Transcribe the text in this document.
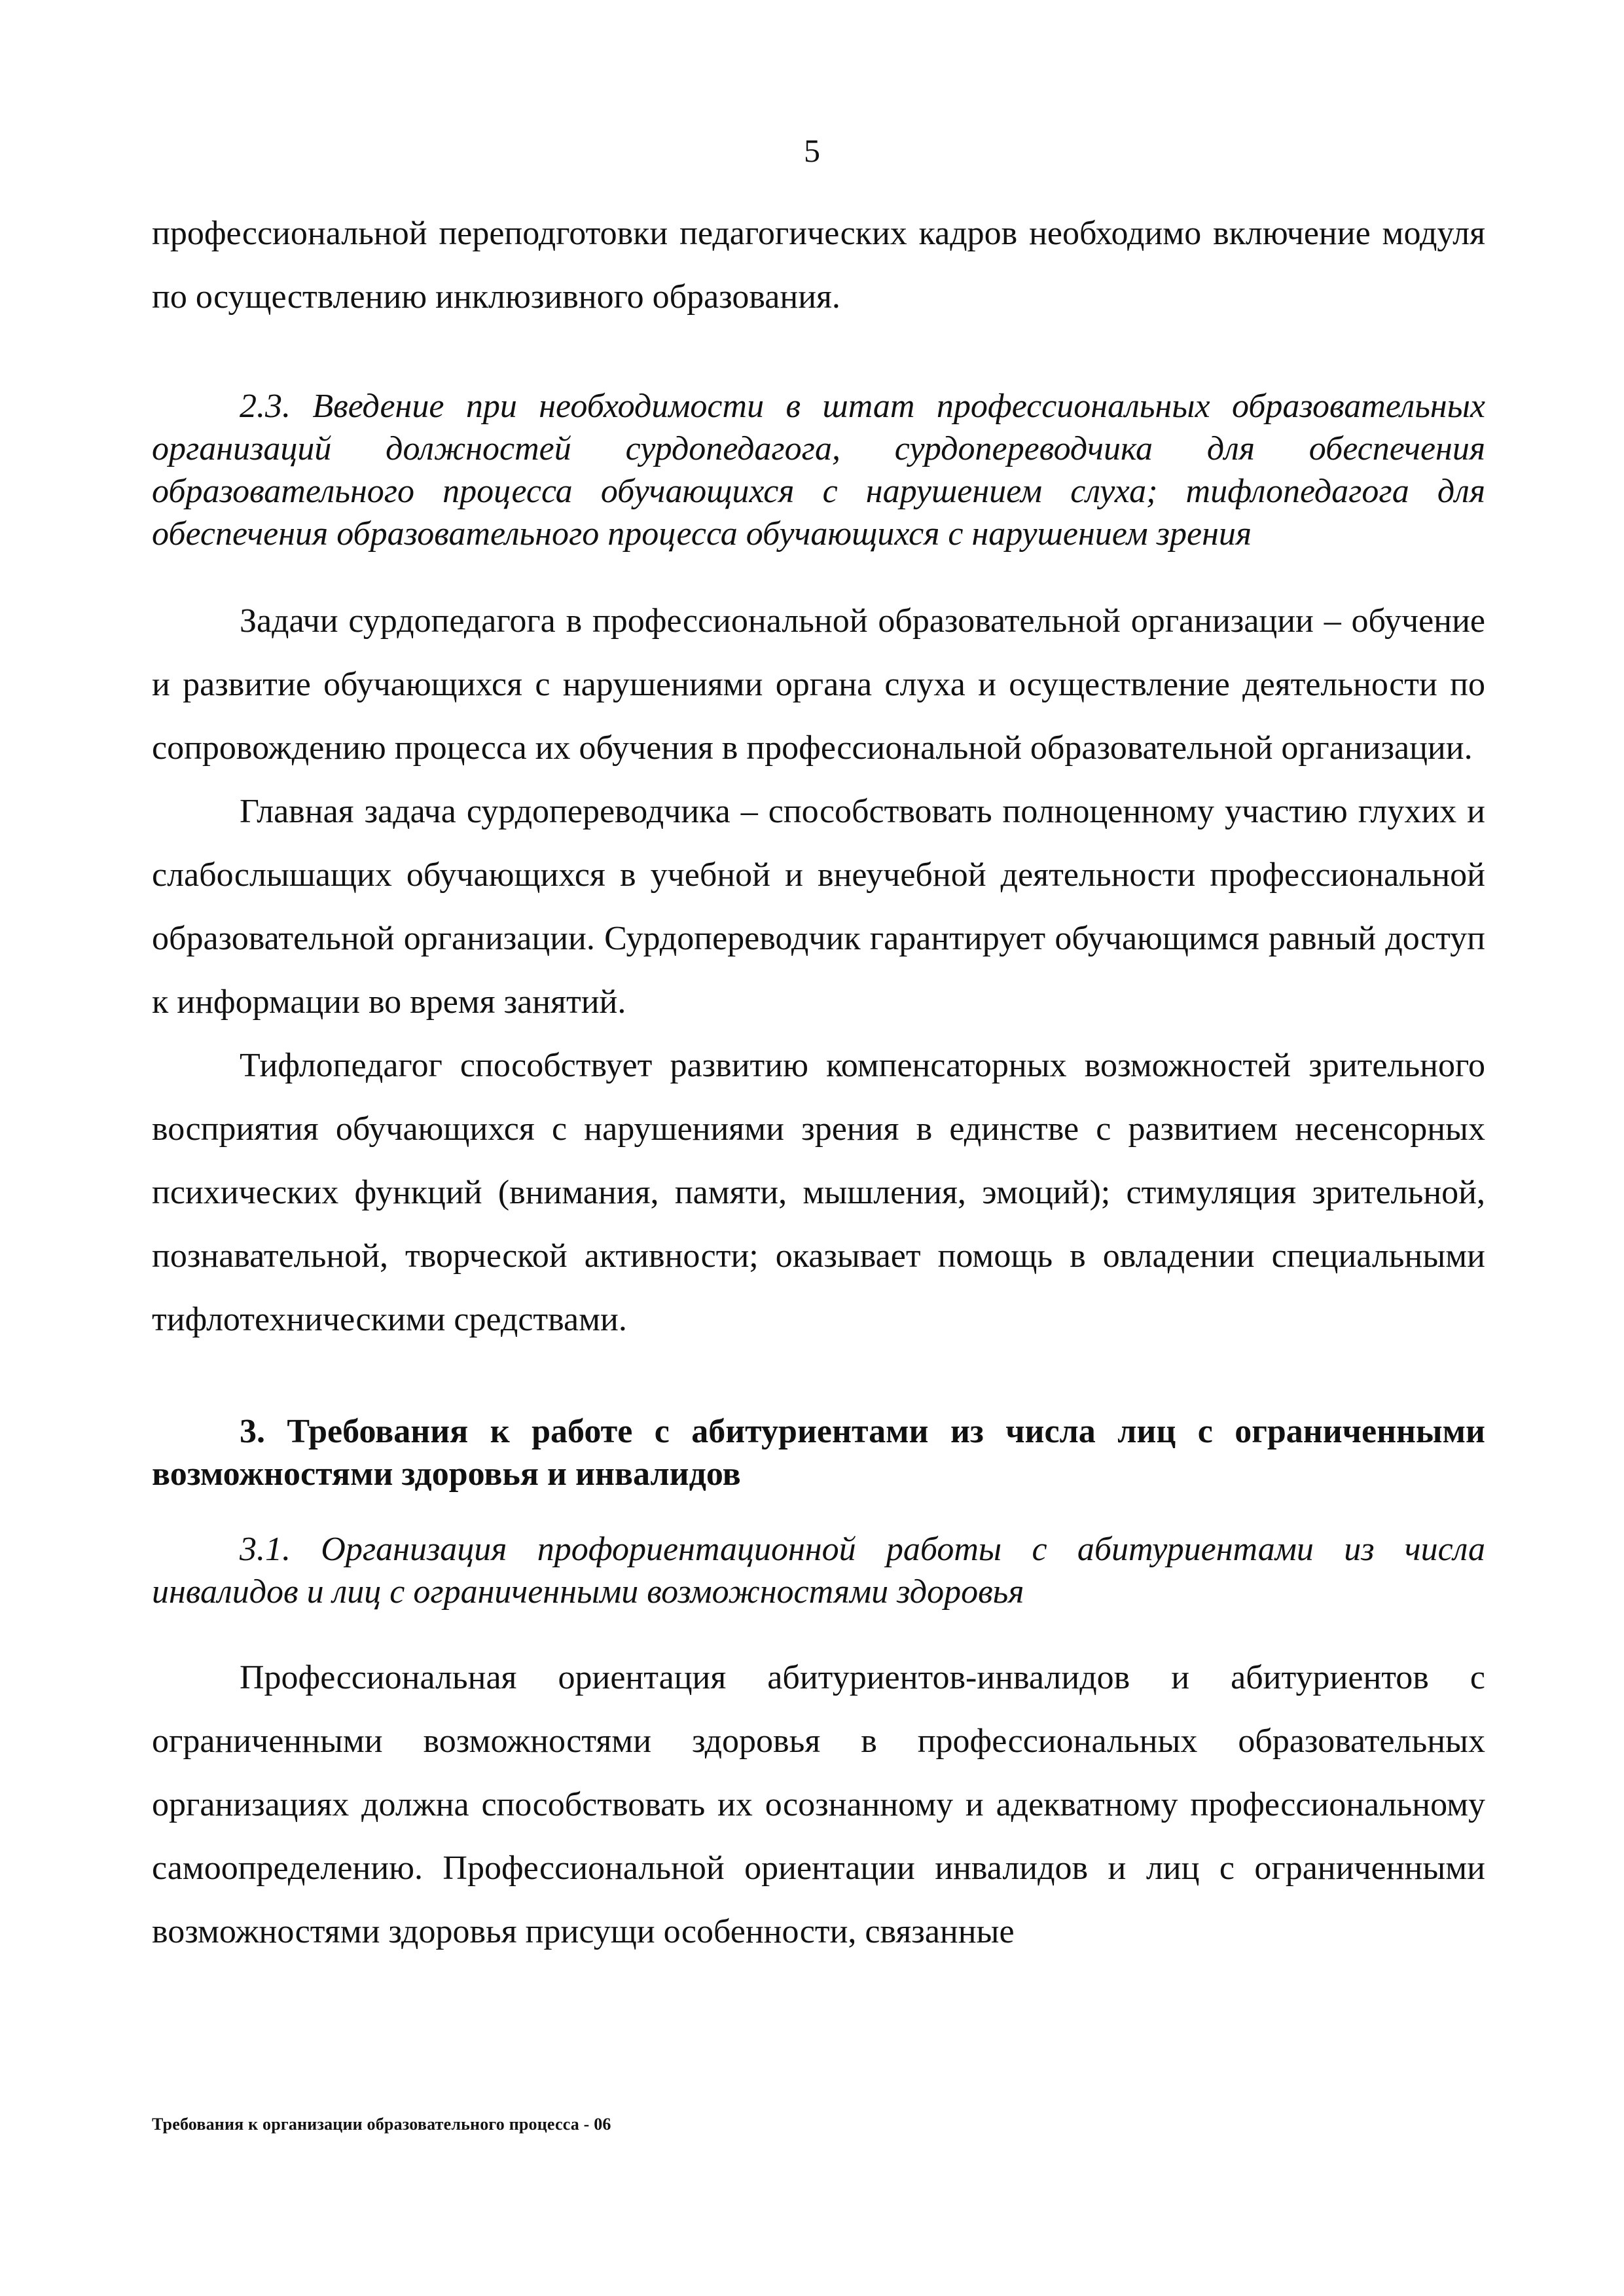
5

профессиональной переподготовки педагогических кадров необходимо включение модуля по осуществлению инклюзивного образования.

2.3. Введение при необходимости в штат профессиональных образовательных организаций должностей сурдопедагога, сурдопереводчика для обеспечения образовательного процесса обучающихся с нарушением слуха; тифлопедагога для обеспечения образовательного процесса обучающихся с нарушением зрения

Задачи сурдопедагога в профессиональной образовательной организации – обучение и развитие обучающихся с нарушениями органа слуха и осуществление деятельности по сопровождению процесса их обучения в профессиональной образовательной организации.

Главная задача сурдопереводчика – способствовать полноценному участию глухих и слабослышащих обучающихся в учебной и внеучебной деятельности профессиональной образовательной организации. Сурдопереводчик гарантирует обучающимся равный доступ к информации во время занятий.

Тифлопедагог способствует развитию компенсаторных возможностей зрительного восприятия обучающихся с нарушениями зрения в единстве с развитием несенсорных психических функций (внимания, памяти, мышления, эмоций); стимуляция зрительной, познавательной, творческой активности; оказывает помощь в овладении специальными тифлотехническими средствами.

3. Требования к работе с абитуриентами из числа лиц с ограниченными возможностями здоровья и инвалидов

3.1. Организация профориентационной работы с абитуриентами из числа инвалидов и лиц с ограниченными возможностями здоровья

Профессиональная ориентация абитуриентов-инвалидов и абитуриентов с ограниченными возможностями здоровья в профессиональных образовательных организациях должна способствовать их осознанному и адекватному профессиональному самоопределению. Профессиональной ориентации инвалидов и лиц с ограниченными возможностями здоровья присущи особенности, связанные

Требования к организации образовательного процесса - 06
